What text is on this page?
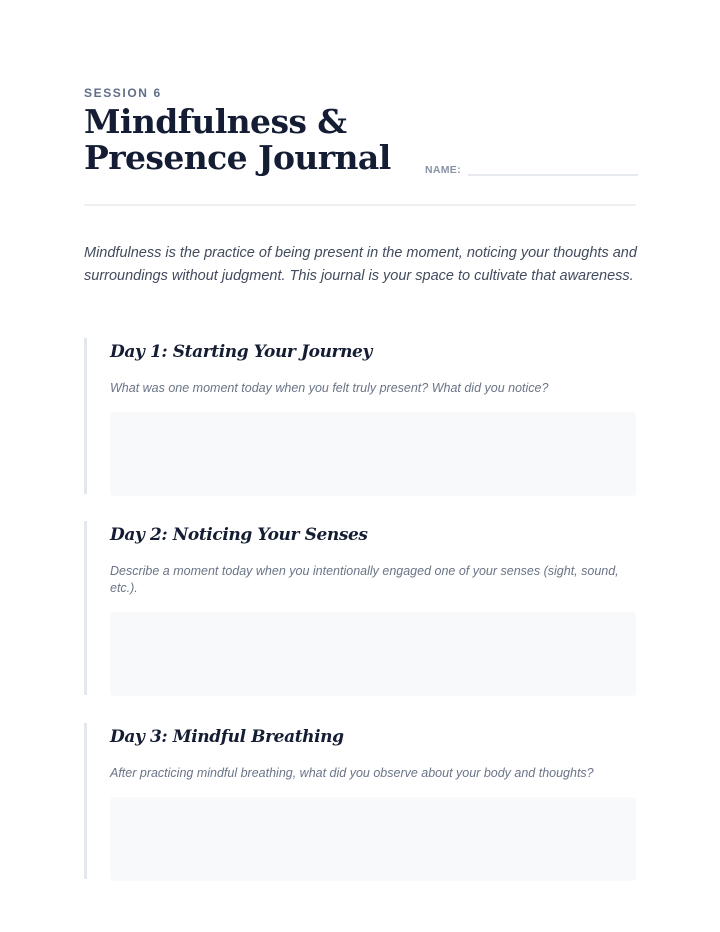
SESSION 6
Mindfulness &
Presence Journal	NAME:

Mindfulness is the practice of being present in the moment, noticing your thoughts and surroundings without judgment. This journal is your space to cultivate that awareness.

Day 1: Starting Your Journey

What was one moment today when you felt truly present? What did you notice?

Day 2: Noticing Your Senses

Describe a moment today when you intentionally engaged one of your senses (sight, sound, etc.).

Day 3: Mindful Breathing

After practicing mindful breathing, what did you observe about your body and thoughts?
